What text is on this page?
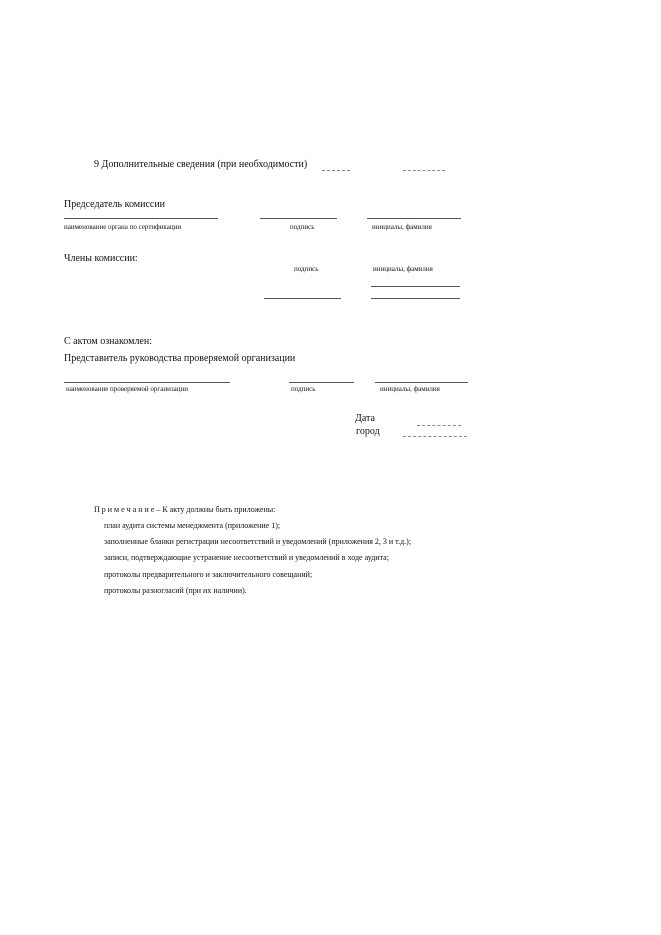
9 Дополнительные сведения (при необходимости)
Председатель комиссии
наименование органа по сертификации	подпись	инициалы, фамилия
Члены комиссии:
подпись	инициалы, фамилия
С актом ознакомлен:
Представитель руководства проверяемой организации
наименование проверяемой организации	подпись	инициалы, фамилия
Дата
город
П р и м е ч а н и е – К акту должны быть приложены:
план аудита системы менеджмента (приложение 1);
заполненные бланки регистрации несоответствий и уведомлений (приложения 2, 3 и т.д.);
записи, подтверждающие устранение несоответствий и уведомлений в ходе аудита;
протоколы предварительного и заключительного совещаний;
протоколы разногласий (при их наличии).
